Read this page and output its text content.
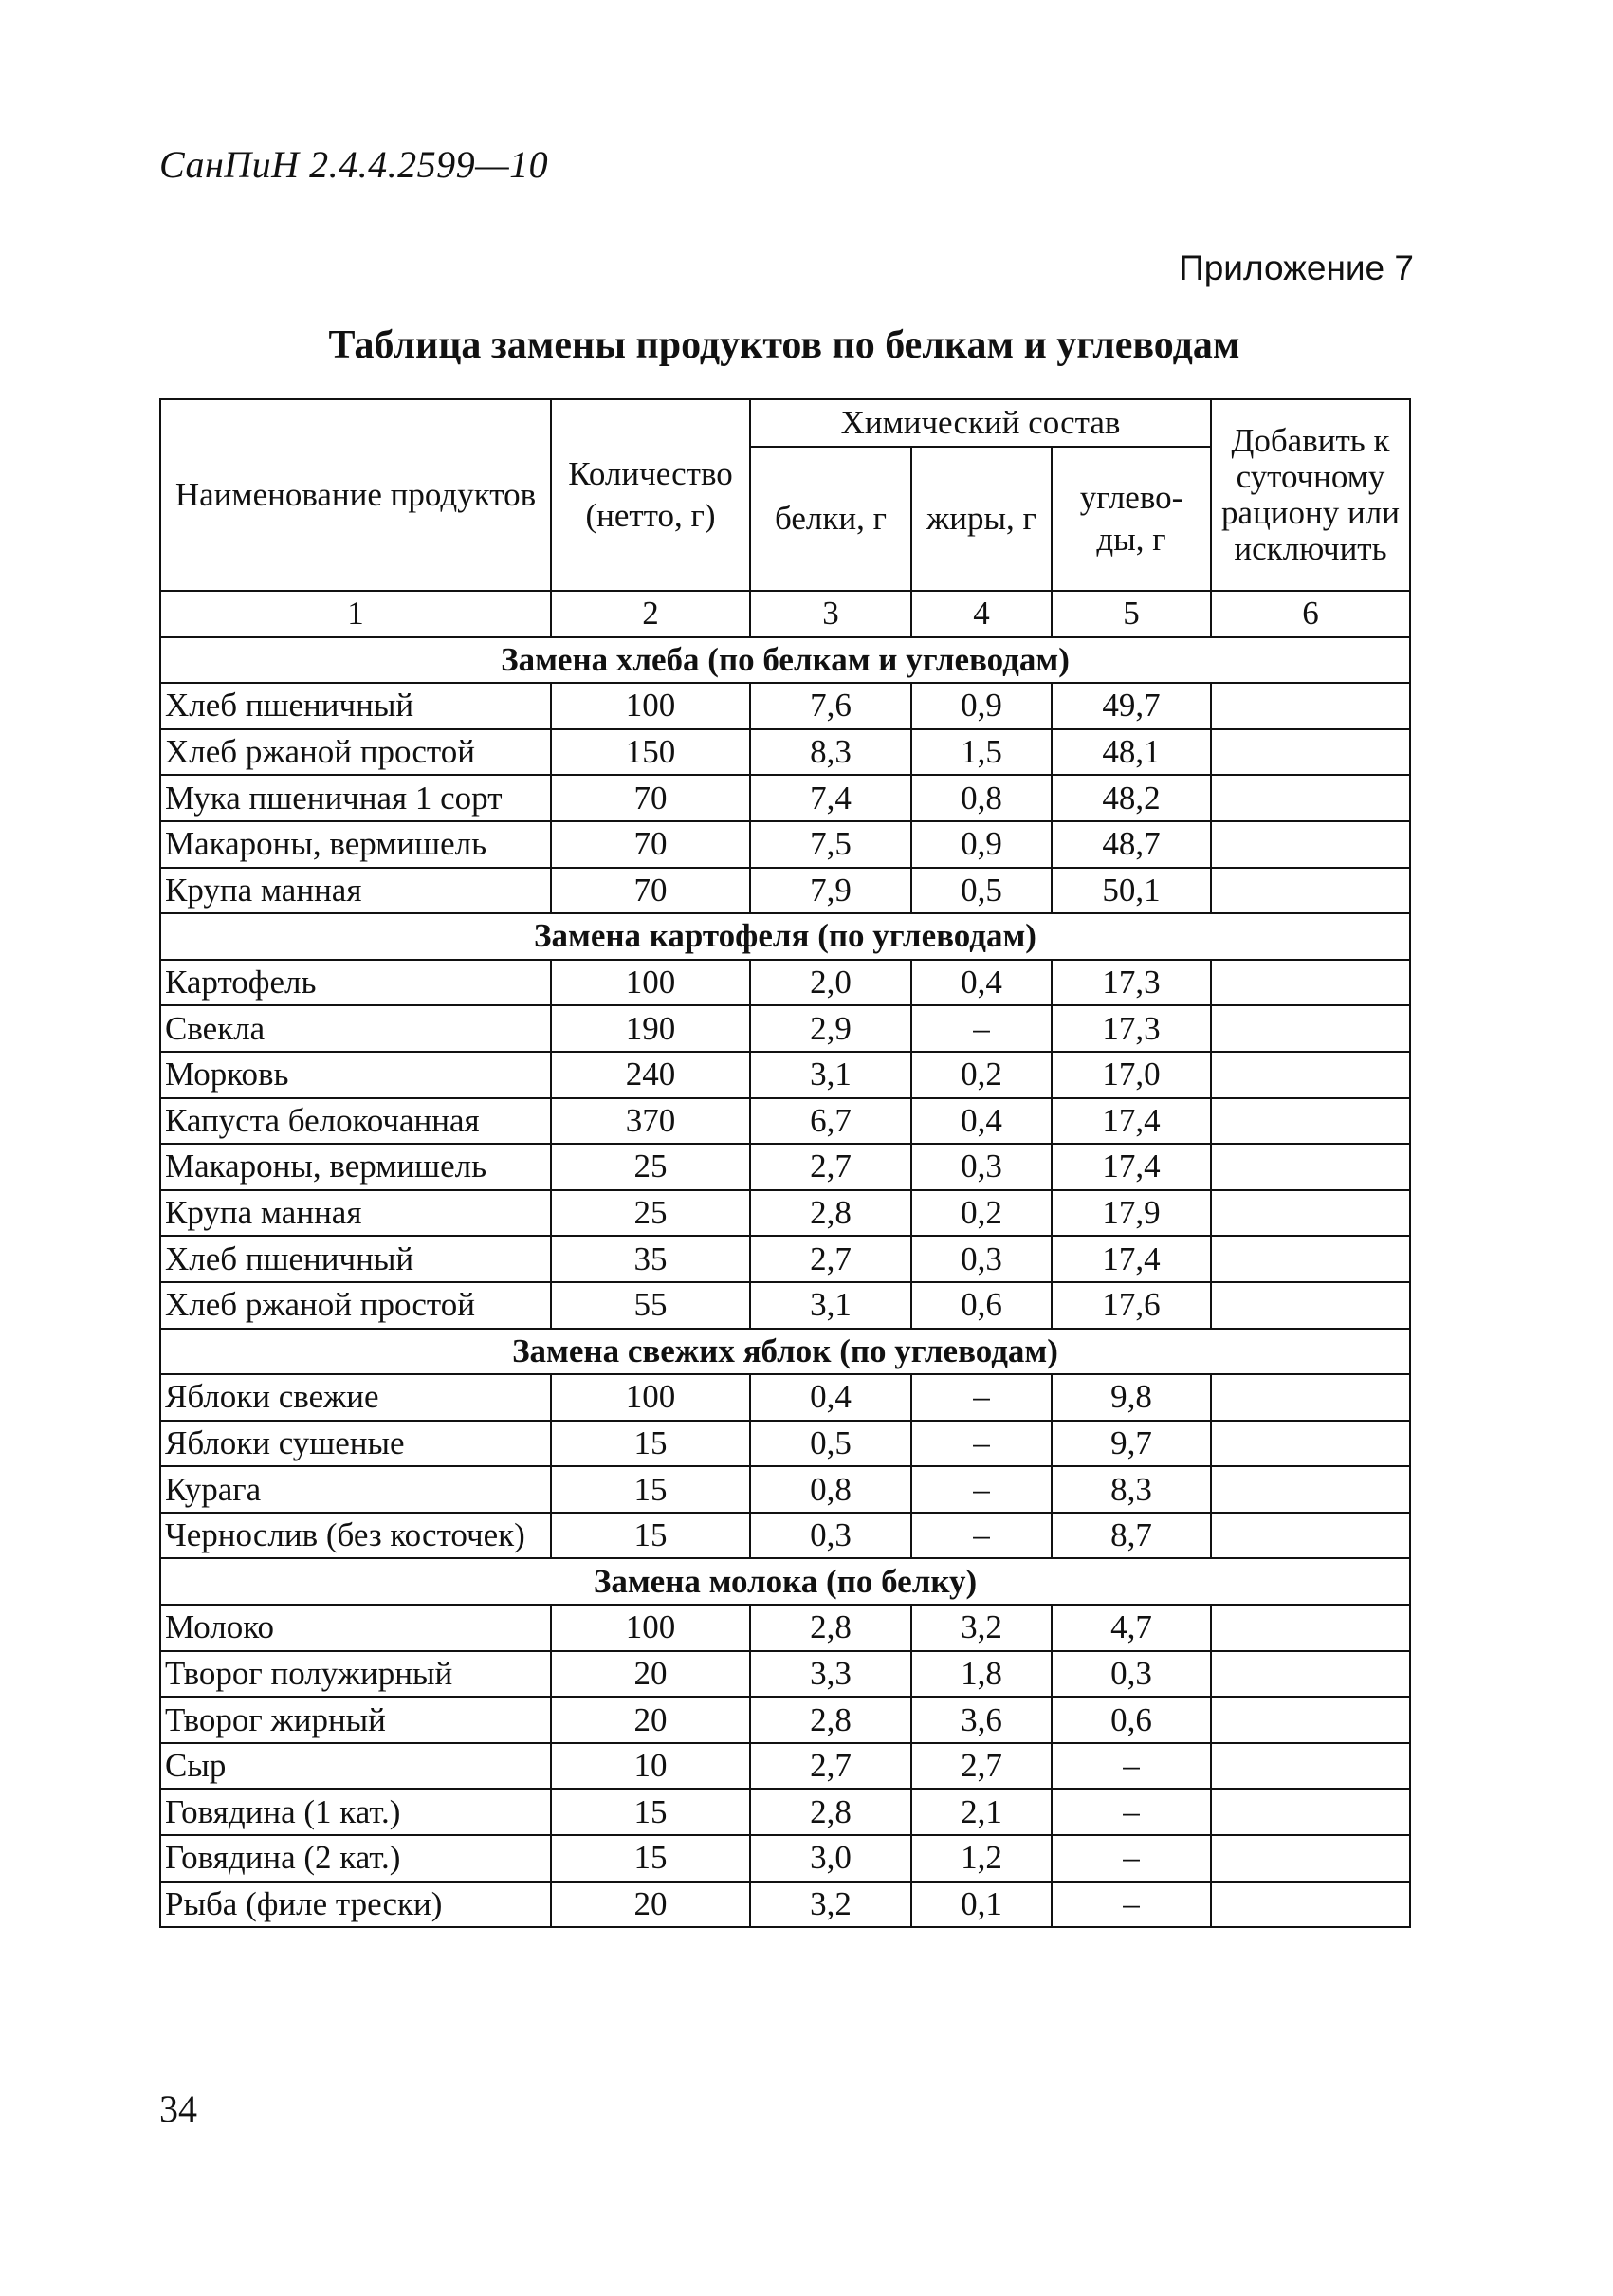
СанПиН 2.4.4.2599—10
Приложение 7
Таблица замены продуктов по белкам и углеводам
Наименование продуктов	Количество (нетто, г)	Химический состав			Добавить к суточному рациону или исключить
		белки, г	жиры, г	углево-ды, г	
1	2	3	4	5	6
Замена хлеба (по белкам и углеводам)					
Хлеб пшеничный	100	7,6	0,9	49,7	
Хлеб ржаной простой	150	8,3	1,5	48,1	
Мука пшеничная 1 сорт	70	7,4	0,8	48,2	
Макароны, вермишель	70	7,5	0,9	48,7	
Крупа манная	70	7,9	0,5	50,1	
Замена картофеля (по углеводам)					
Картофель	100	2,0	0,4	17,3	
Свекла	190	2,9	–	17,3	
Морковь	240	3,1	0,2	17,0	
Капуста белокочанная	370	6,7	0,4	17,4	
Макароны, вермишель	25	2,7	0,3	17,4	
Крупа манная	25	2,8	0,2	17,9	
Хлеб пшеничный	35	2,7	0,3	17,4	
Хлеб ржаной простой	55	3,1	0,6	17,6	
Замена свежих яблок (по углеводам)					
Яблоки свежие	100	0,4	–	9,8	
Яблоки сушеные	15	0,5	–	9,7	
Курага	15	0,8	–	8,3	
Чернослив (без косточек)	15	0,3	–	8,7	
Замена молока (по белку)					
Молоко	100	2,8	3,2	4,7	
Творог полужирный	20	3,3	1,8	0,3	
Творог жирный	20	2,8	3,6	0,6	
Сыр	10	2,7	2,7	–	
Говядина (1 кат.)	15	2,8	2,1	–	
Говядина (2 кат.)	15	3,0	1,2	–	
Рыба (филе трески)	20	3,2	0,1	–	
34
